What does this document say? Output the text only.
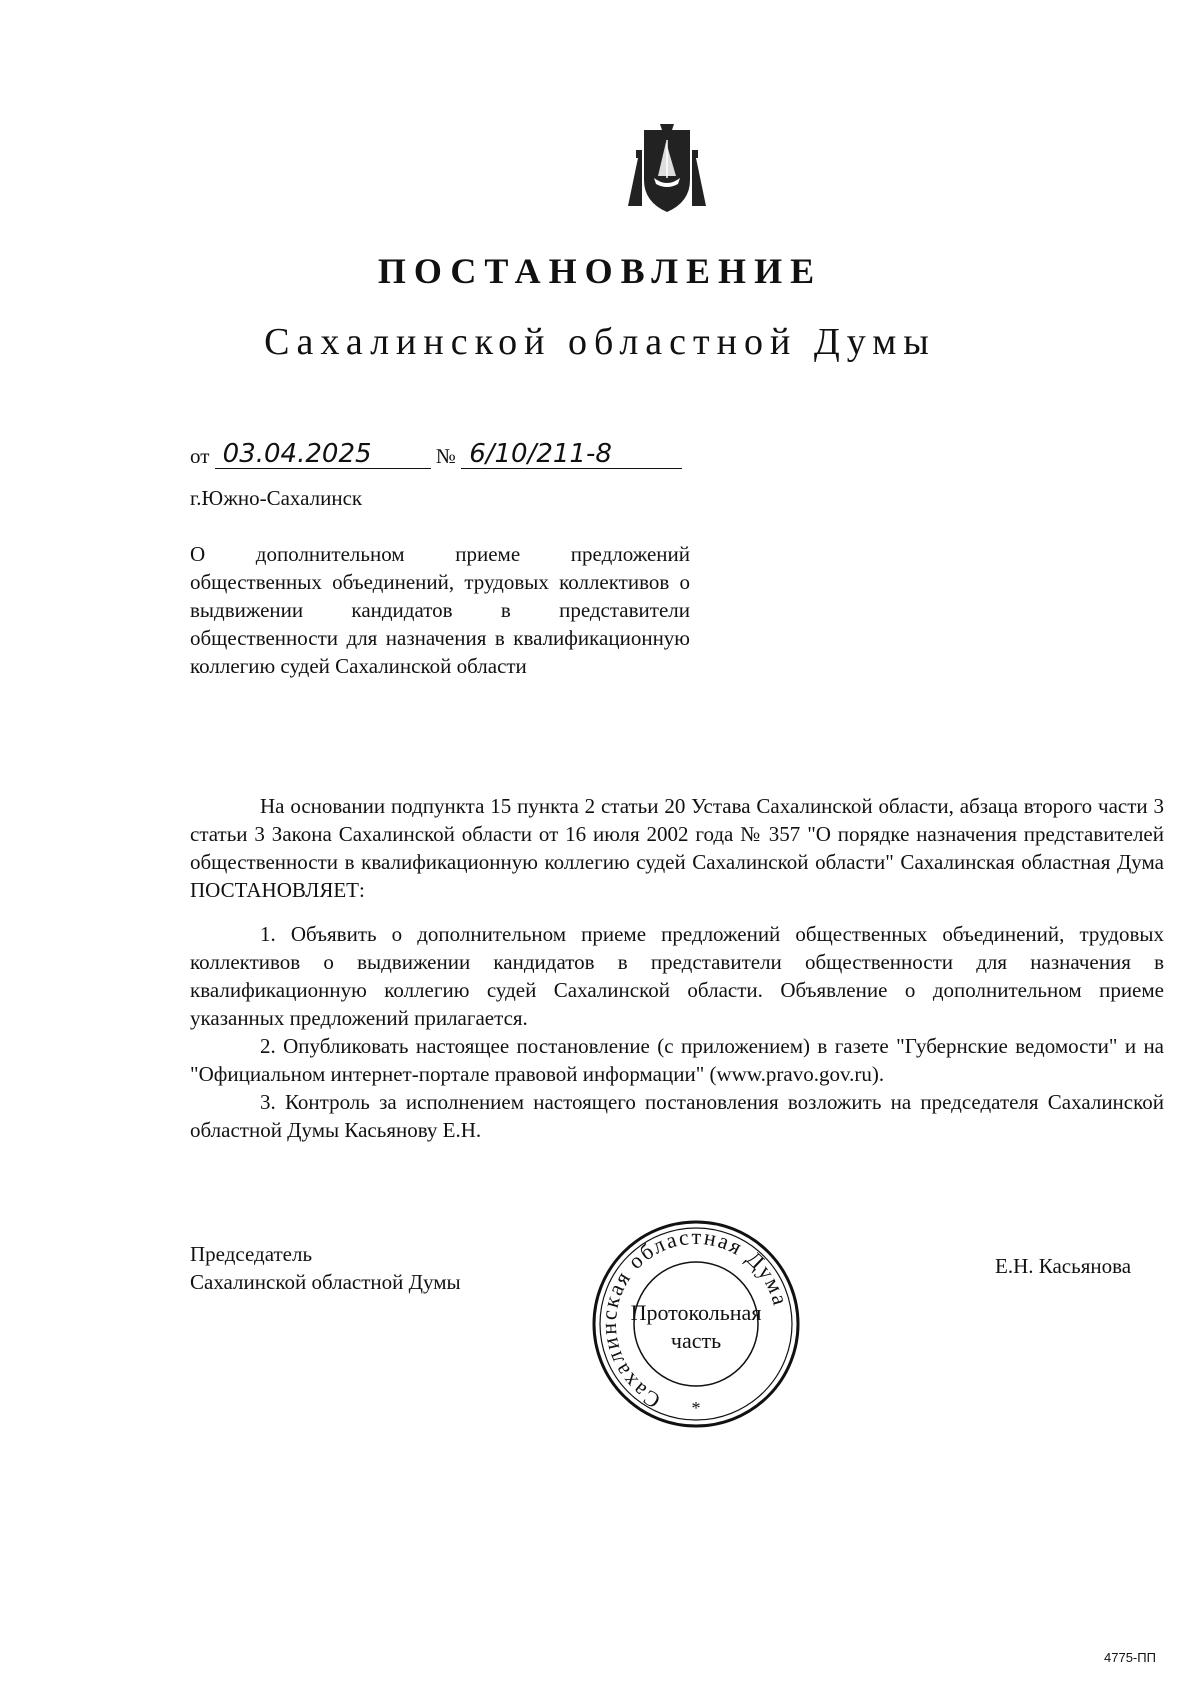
ПОСТАНОВЛЕНИЕ
Сахалинской областной Думы
от 03.04.2025	№ 6/10/211-8
г.Южно-Сахалинск
О дополнительном приеме предложений общественных объединений, трудовых коллективов о выдвижении кандидатов в представители общественности для назначения в квалификационную коллегию судей Сахалинской области

На основании подпункта 15 пункта 2 статьи 20 Устава Сахалинской области, абзаца второго части 3 статьи 3 Закона Сахалинской области от 16 июля 2002 года № 357 "О порядке назначения представителей общественности в квалификационную коллегию судей Сахалинской области" Сахалинская областная Дума ПОСТАНОВЛЯЕТ:

1. Объявить о дополнительном приеме предложений общественных объединений, трудовых коллективов о выдвижении кандидатов в представители общественности для назначения в квалификационную коллегию судей Сахалинской области. Объявление о дополнительном приеме указанных предложений прилагается.

2. Опубликовать настоящее постановление (с приложением) в газете "Губернские ведомости" и на "Официальном интернет-портале правовой информации" (www.pravo.gov.ru).

3. Контроль за исполнением настоящего постановления возложить на председателя Сахалинской областной Думы Касьянову Е.Н.

Председатель
Сахалинской областной Думы
Сахалинская областная Дума
Протокольная
часть
*
Е.Н. Касьянова
4775-ПП
